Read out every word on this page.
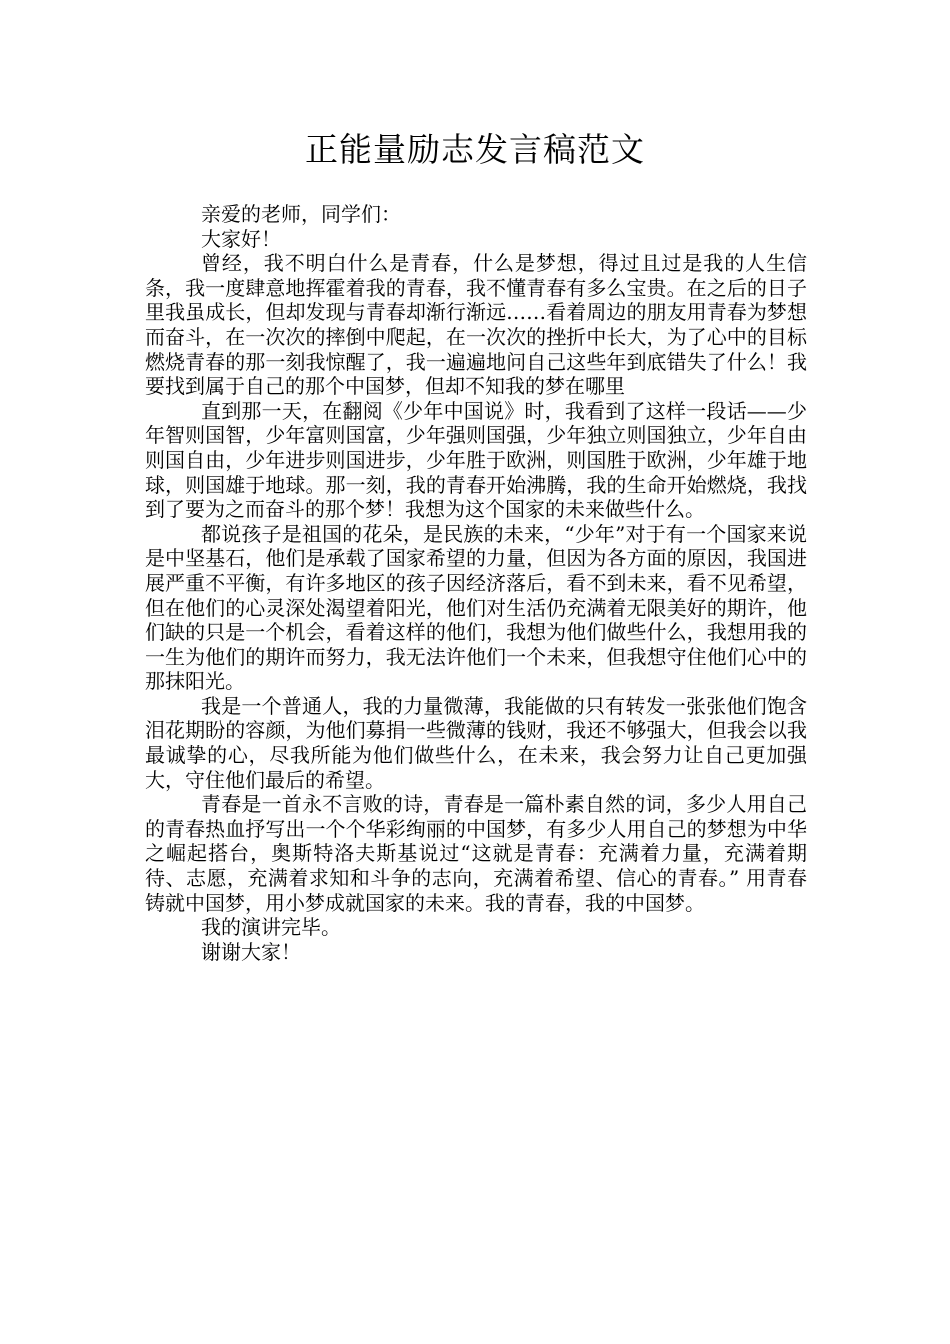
正能量励志发言稿范文

亲爱的老师，同学们：

大家好！

曾经，我不明白什么是青春，什么是梦想，得过且过是我的人生信条，我一度肆意地挥霍着我的青春，我不懂青春有多么宝贵。在之后的日子里我虽成长，但却发现与青春却渐行渐远……看着周边的朋友用青春为梦想而奋斗，在一次次的摔倒中爬起，在一次次的挫折中长大，为了心中的目标燃烧青春的那一刻我惊醒了，我一遍遍地问自己这些年到底错失了什么！我要找到属于自己的那个中国梦，但却不知我的梦在哪里

直到那一天，在翻阅《少年中国说》时，我看到了这样一段话——少年智则国智，少年富则国富，少年强则国强，少年独立则国独立，少年自由则国自由，少年进步则国进步，少年胜于欧洲，则国胜于欧洲，少年雄于地球，则国雄于地球。那一刻，我的青春开始沸腾，我的生命开始燃烧，我找到了要为之而奋斗的那个梦！我想为这个国家的未来做些什么。

都说孩子是祖国的花朵，是民族的未来，“少年”对于有一个国家来说是中坚基石，他们是承载了国家希望的力量，但因为各方面的原因，我国进展严重不平衡，有许多地区的孩子因经济落后，看不到未来，看不见希望，但在他们的心灵深处渴望着阳光，他们对生活仍充满着无限美好的期许，他们缺的只是一个机会，看着这样的他们，我想为他们做些什么，我想用我的一生为他们的期许而努力，我无法许他们一个未来，但我想守住他们心中的那抹阳光。

我是一个普通人，我的力量微薄，我能做的只有转发一张张他们饱含泪花期盼的容颜，为他们募捐一些微薄的钱财，我还不够强大，但我会以我最诚挚的心，尽我所能为他们做些什么，在未来，我会努力让自己更加强大，守住他们最后的希望。

青春是一首永不言败的诗，青春是一篇朴素自然的词，多少人用自己的青春热血抒写出一个个华彩绚丽的中国梦，有多少人用自己的梦想为中华之崛起搭台，奥斯特洛夫斯基说过“这就是青春：充满着力量，充满着期待、志愿，充满着求知和斗争的志向，充满着希望、信心的青春。” 用青春铸就中国梦，用小梦成就国家的未来。我的青春，我的中国梦。

我的演讲完毕。

谢谢大家！
